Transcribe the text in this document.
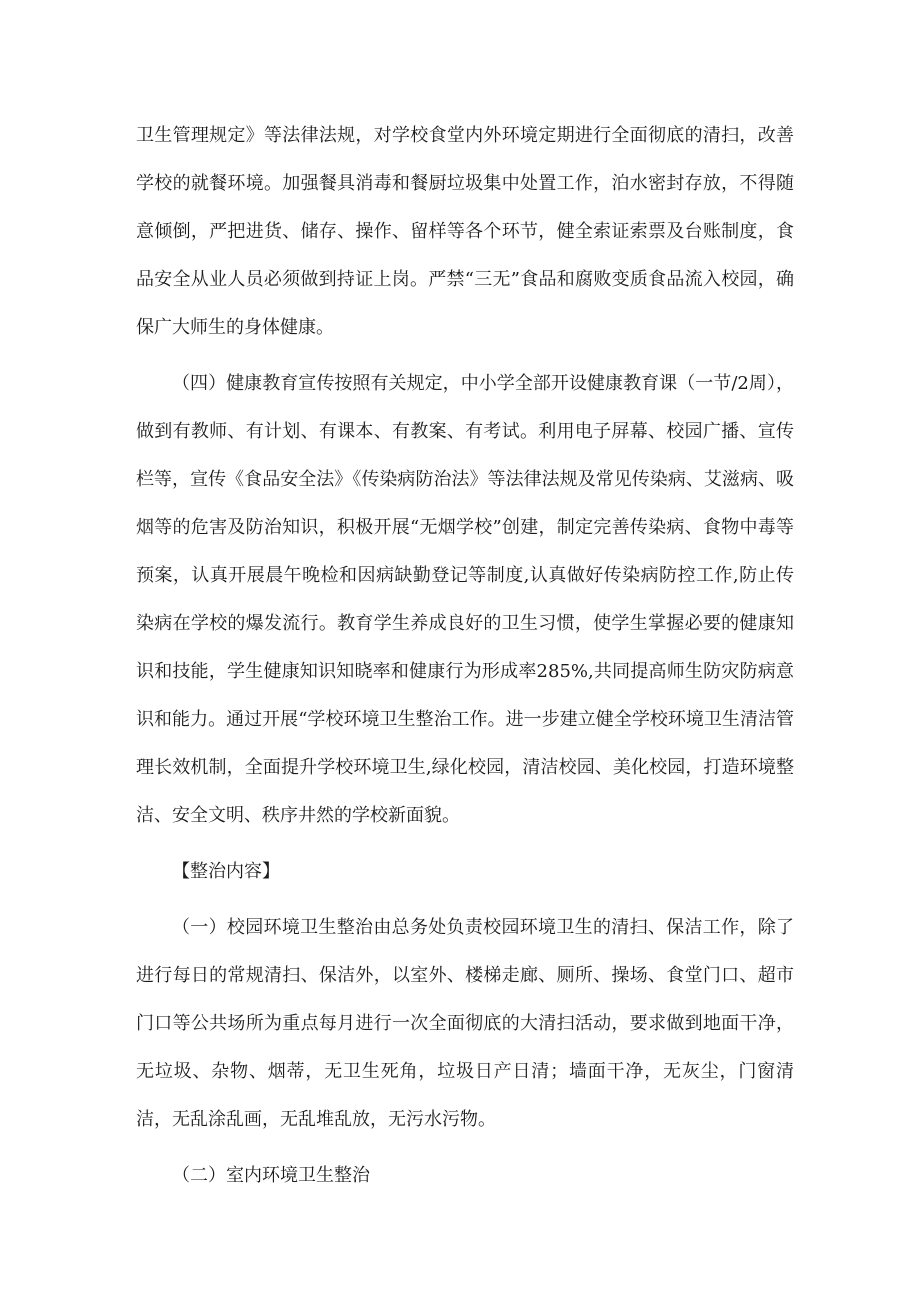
卫生管理规定》等法律法规，对学校食堂内外环境定期进行全面彻底的清扫，改善学校的就餐环境。加强餐具消毒和餐厨垃圾集中处置工作，泊水密封存放，不得随意倾倒，严把进货、储存、操作、留样等各个环节，健全索证索票及台账制度，食品安全从业人员必须做到持证上岗。严禁“三无”食品和腐败变质食品流入校园，确保广大师生的身体健康。

（四）健康教育宣传按照有关规定，中小学全部开设健康教育课（一节/2周），做到有教师、有计划、有课本、有教案、有考试。利用电子屏幕、校园广播、宣传栏等，宣传《食品安全法》《传染病防治法》等法律法规及常见传染病、艾滋病、吸烟等的危害及防治知识，积极开展“无烟学校”创建，制定完善传染病、食物中毒等预案，认真开展晨午晚检和因病缺勤登记等制度,认真做好传染病防控工作,防止传染病在学校的爆发流行。教育学生养成良好的卫生习惯，使学生掌握必要的健康知识和技能，学生健康知识知晓率和健康行为形成率285%,共同提高师生防灾防病意识和能力。通过开展“学校环境卫生整治工作。进一步建立健全学校环境卫生清洁管理长效机制，全面提升学校环境卫生,绿化校园，清洁校园、美化校园，打造环境整洁、安全文明、秩序井然的学校新面貌。

【整治内容】

（一）校园环境卫生整治由总务处负责校园环境卫生的清扫、保洁工作，除了进行每日的常规清扫、保洁外，以室外、楼梯走廊、厕所、操场、食堂门口、超市门口等公共场所为重点每月进行一次全面彻底的大清扫活动，要求做到地面干净，无垃圾、杂物、烟蒂，无卫生死角，垃圾日产日清；墙面干净，无灰尘，门窗清洁，无乱涂乱画，无乱堆乱放，无污水污物。

（二）室内环境卫生整治
